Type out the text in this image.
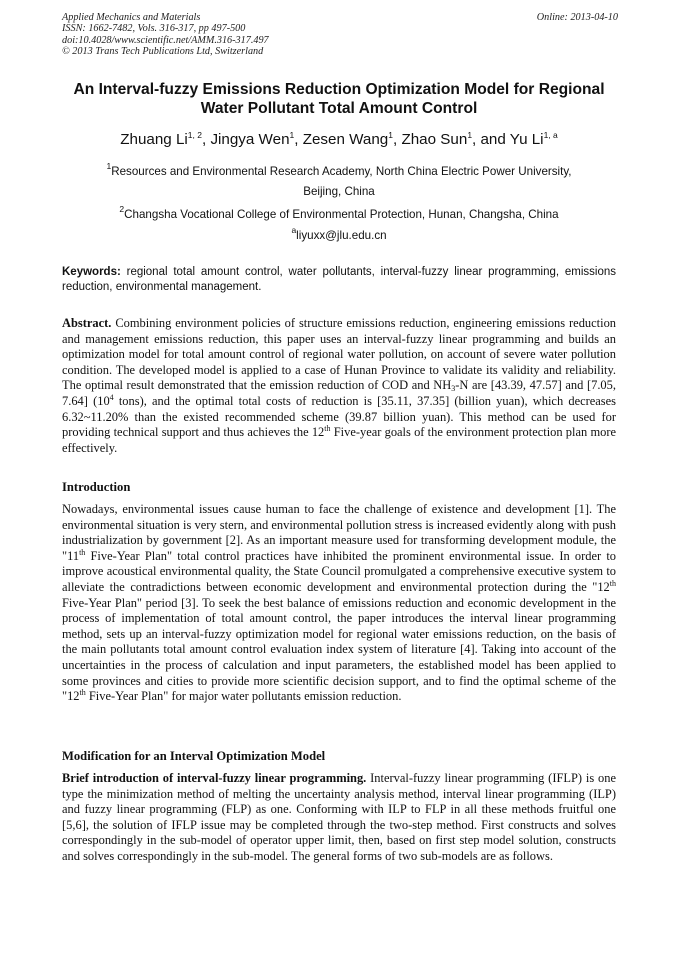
Applied Mechanics and Materials
ISSN: 1662-7482, Vols. 316-317, pp 497-500
doi:10.4028/www.scientific.net/AMM.316-317.497
© 2013 Trans Tech Publications Ltd, Switzerland
Online: 2013-04-10
An Interval-fuzzy Emissions Reduction Optimization Model for Regional
Water Pollutant Total Amount Control
Zhuang Li$^{1, 2}$, Jingya Wen$^1$, Zesen Wang$^1$, Zhao Sun$^1$, and Yu Li$^{1, a}$
$^1$Resources and Environmental Research Academy, North China Electric Power University,
Beijing, China
$^2$Changsha Vocational College of Environmental Protection, Hunan, Changsha, China
$^a$liyuxx@jlu.edu.cn
Keywords: regional total amount control, water pollutants, interval-fuzzy linear programming, emissions reduction, environmental management.
Abstract. Combining environment policies of structure emissions reduction, engineering emissions reduction and management emissions reduction, this paper uses an interval-fuzzy linear programming and builds an optimization model for total amount control of regional water pollution, on account of severe water pollution condition. The developed model is applied to a case of Hunan Province to validate its validity and reliability. The optimal result demonstrated that the emission reduction of COD and $NH_3-N$ are [43.39, 47.57] and [7.05, 7.64] ($10^4$ tons), and the optimal total costs of reduction is [35.11, 37.35] (billion yuan), which decreases 6.32~11.20% than the existed recommended scheme (39.87 billion yuan). This method can be used for providing technical support and thus achieves the 12th Five-year goals of the environment protection plan more effectively.
Introduction
Nowadays, environmental issues cause human to face the challenge of existence and development [1]. The environmental situation is very stern, and environmental pollution stress is increased evidently along with push industrialization by government [2]. As an important measure used for transforming development module, the "11th Five-Year Plan" total control practices have inhibited the prominent environmental issue. In order to improve acoustical environmental quality, the State Council promulgated a comprehensive executive system to alleviate the contradictions between economic development and environmental protection during the "12th Five-Year Plan" period [3]. To seek the best balance of emissions reduction and economic development in the process of implementation of total amount control, the paper introduces the interval linear programming method, sets up an interval-fuzzy optimization model for regional water emissions reduction, on the basis of the main pollutants total amount control evaluation index system of literature [4]. Taking into account of the uncertainties in the process of calculation and input parameters, the established model has been applied to some provinces and cities to provide more scientific decision support, and to find the optimal scheme of the "12th Five-Year Plan" for major water pollutants emission reduction.
Modification for an Interval Optimization Model
Brief introduction of interval-fuzzy linear programming. Interval-fuzzy linear programming (IFLP) is one type the minimization method of melting the uncertainty analysis method, interval linear programming (ILP) and fuzzy linear programming (FLP) as one. Conforming with ILP to FLP in all these methods fruitful one [5,6], the solution of IFLP issue may be completed through the two-step method. First constructs and solves correspondingly in the sub-model of operator upper limit, then, based on first step model solution, constructs and solves correspondingly in the sub-model. The general forms of two sub-models are as follows.
